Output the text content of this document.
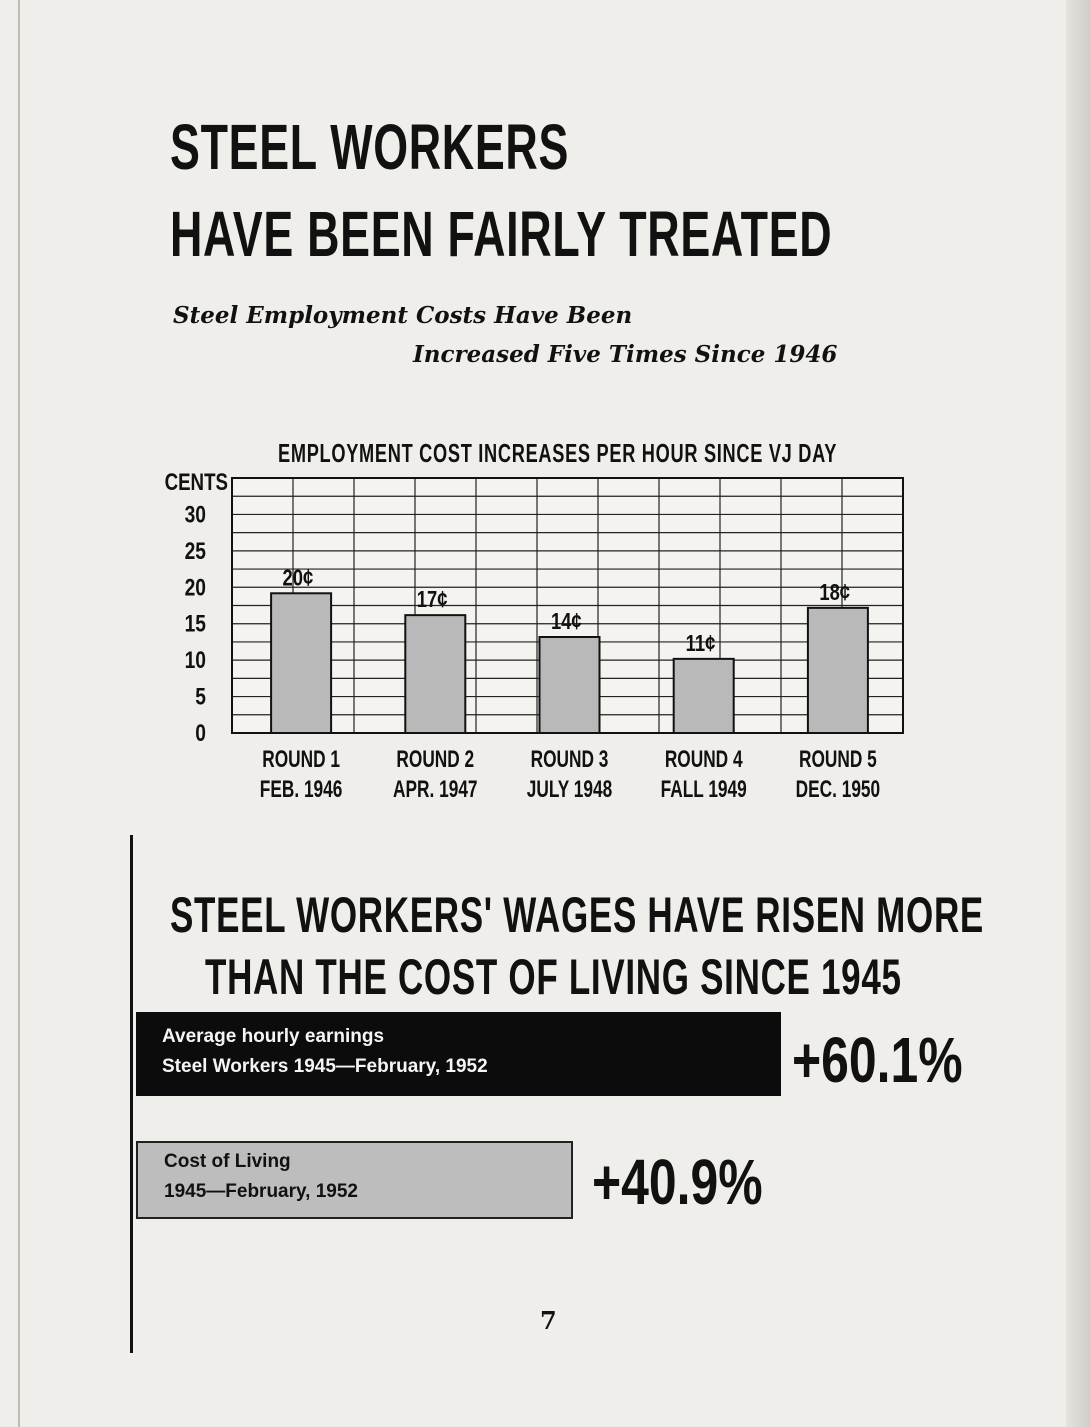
STEEL WORKERS
HAVE BEEN FAIRLY TREATED
Steel Employment Costs Have Been
Increased Five Times Since 1946
EMPLOYMENT COST INCREASES PER HOUR SINCE VJ DAY
CENTS
0
5
10
15
20
25
30
20¢
ROUND 1
FEB. 1946
17¢
ROUND 2
APR. 1947
14¢
ROUND 3
JULY 1948
11¢
ROUND 4
FALL 1949
18¢
ROUND 5
DEC. 1950
STEEL WORKERS' WAGES HAVE RISEN MORE
THAN THE COST OF LIVING SINCE 1945
Average hourly earnings
Steel Workers 1945—February, 1952	+60.1%
Cost of Living
1945—February, 1952	+40.9%
7
